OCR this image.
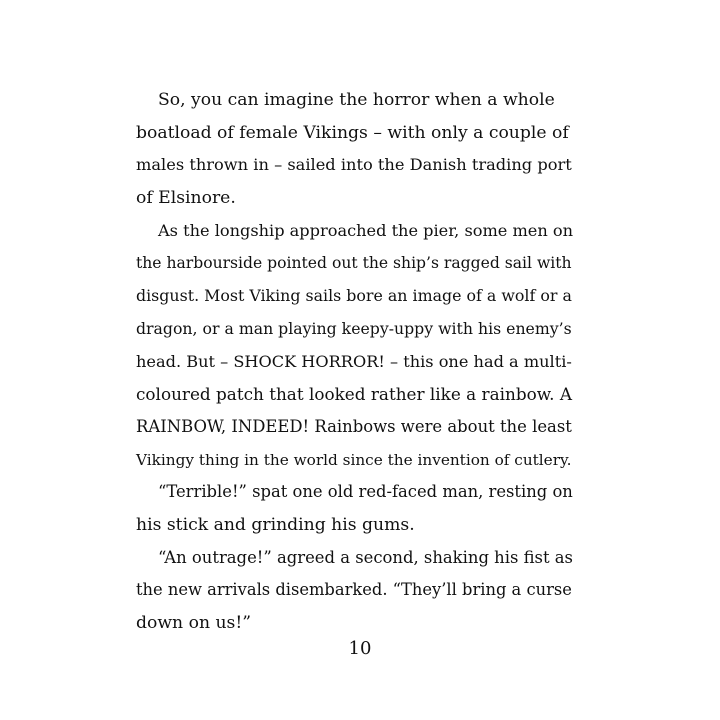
So, you can imagine the horror when a whole
boatload of female Vikings – with only a couple of
males thrown in – sailed into the Danish trading port
of Elsinore.
As the longship approached the pier, some men on
the harbourside pointed out the ship’s ragged sail with
disgust. Most Viking sails bore an image of a wolf or a
dragon, or a man playing keepy-uppy with his enemy’s
head. But – SHOCK HORROR! – this one had a multi-
coloured patch that looked rather like a rainbow. A
RAINBOW, INDEED! Rainbows were about the least
Vikingy thing in the world since the invention of cutlery.
“Terrible!” spat one old red-faced man, resting on
his stick and grinding his gums.
“An outrage!” agreed a second, shaking his fist as
the new arrivals disembarked. “They’ll bring a curse
down on us!”
10
